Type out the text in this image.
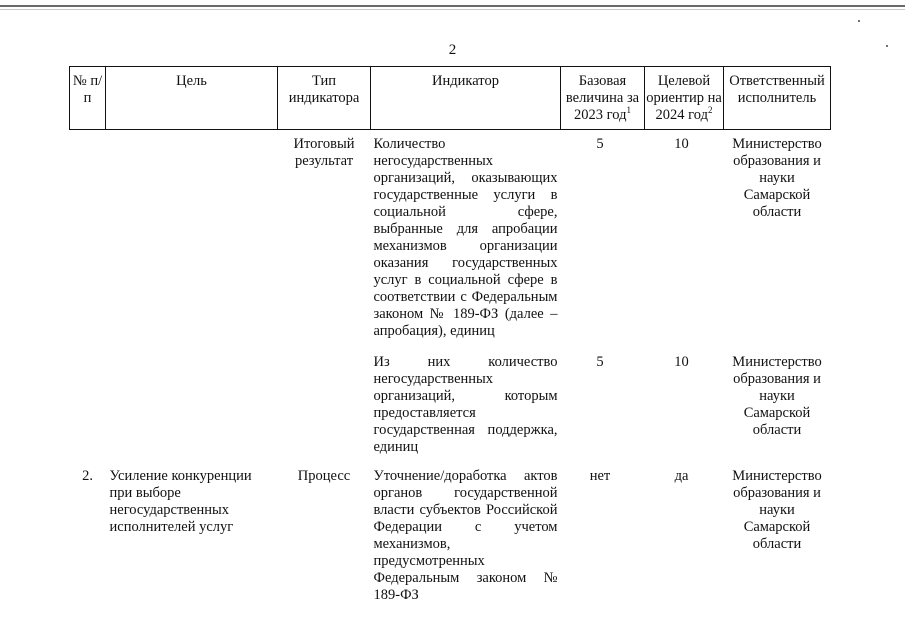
2
№ п/п	Цель	Тип индикатора	Индикатор	Базовая величина за 2023 год$^1$	Целевой ориентир на 2024 год$^2$	Ответственный исполнитель
		Итоговый результат	Количество негосударственных организаций, оказывающих государственные услуги в социальной сфере, выбранные для апробации механизмов организации оказания государственных услуг в социальной сфере в соответствии с Федеральным законом № 189-ФЗ (далее – апробация), единиц	5	10	Министерство образования и науки Самарской области
			Из них количество негосударственных организаций, которым предоставляется государственная поддержка, единиц	5	10	Министерство образования и науки Самарской области
2.	Усиление конкуренции при выборе негосударственных исполнителей услуг	Процесс	Уточнение/доработка актов органов государственной власти субъектов Российской Федерации с учетом механизмов, предусмотренных Федеральным законом № 189-ФЗ	нет	да	Министерство образования и науки Самарской области
